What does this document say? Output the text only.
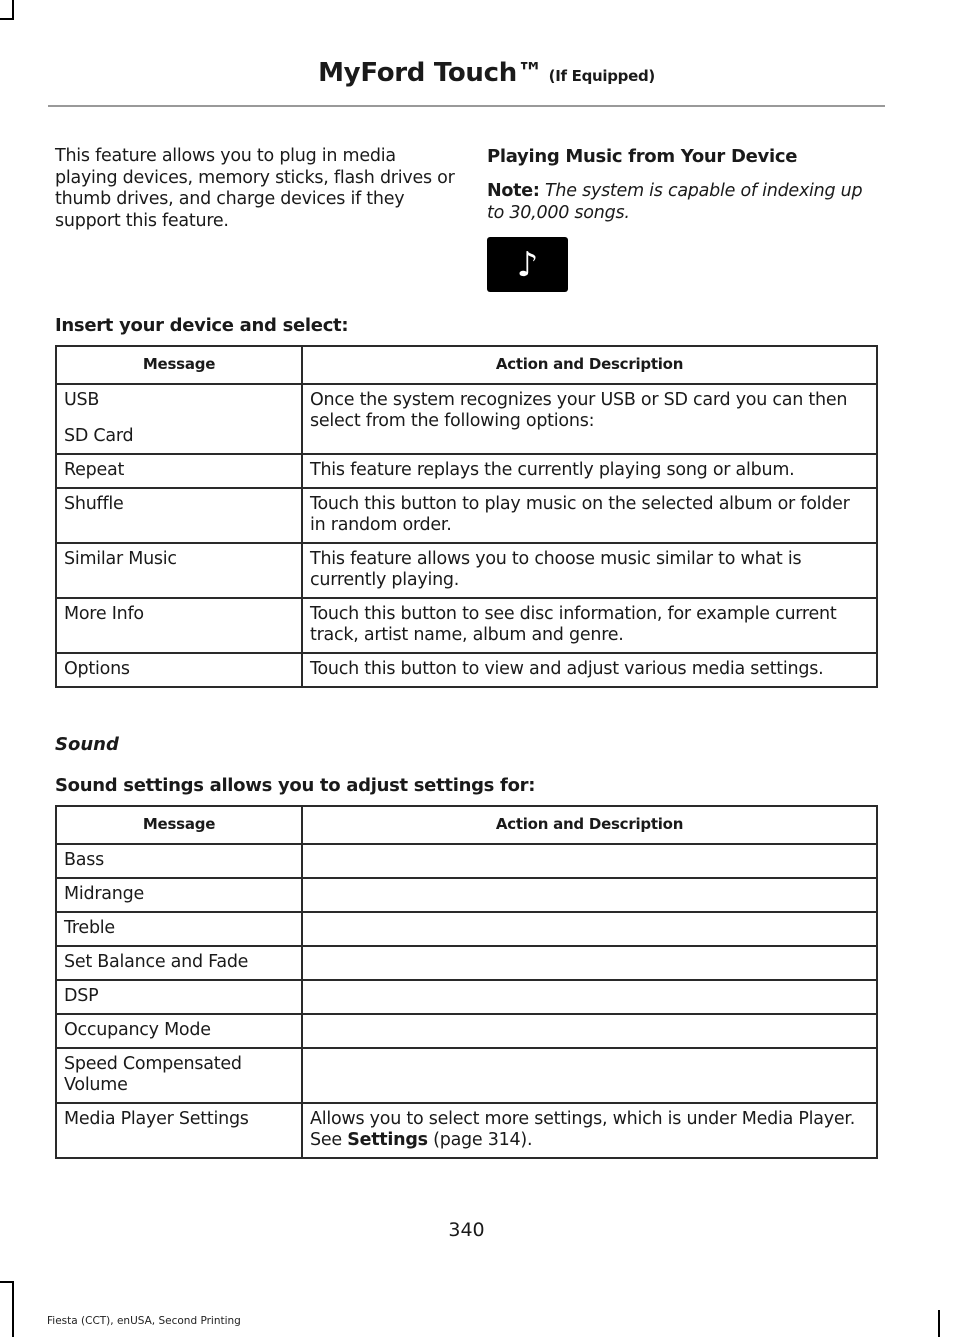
MyFord Touch™ (If Equipped)
This feature allows you to plug in media playing devices, memory sticks, flash drives or thumb drives, and charge devices if they support this feature.
Playing Music from Your Device
Note: The system is capable of indexing up to 30,000 songs.
♪
Insert your device and select:
Message	Action and Description
USB
SD Card	Once the system recognizes your USB or SD card you can then select from the following options:
Repeat	This feature replays the currently playing song or album.
Shuffle	Touch this button to play music on the selected album or folder in random order.
Similar Music	This feature allows you to choose music similar to what is currently playing.
More Info	Touch this button to see disc information, for example current track, artist name, album and genre.
Options	Touch this button to view and adjust various media settings.
Sound
Sound settings allows you to adjust settings for:
Message	Action and Description
Bass	
Midrange	
Treble	
Set Balance and Fade	
DSP	
Occupancy Mode	
Speed Compensated Volume	
Media Player Settings	Allows you to select more settings, which is under Media Player. See Settings (page 314).
340
Fiesta (CCT), enUSA, Second Printing
